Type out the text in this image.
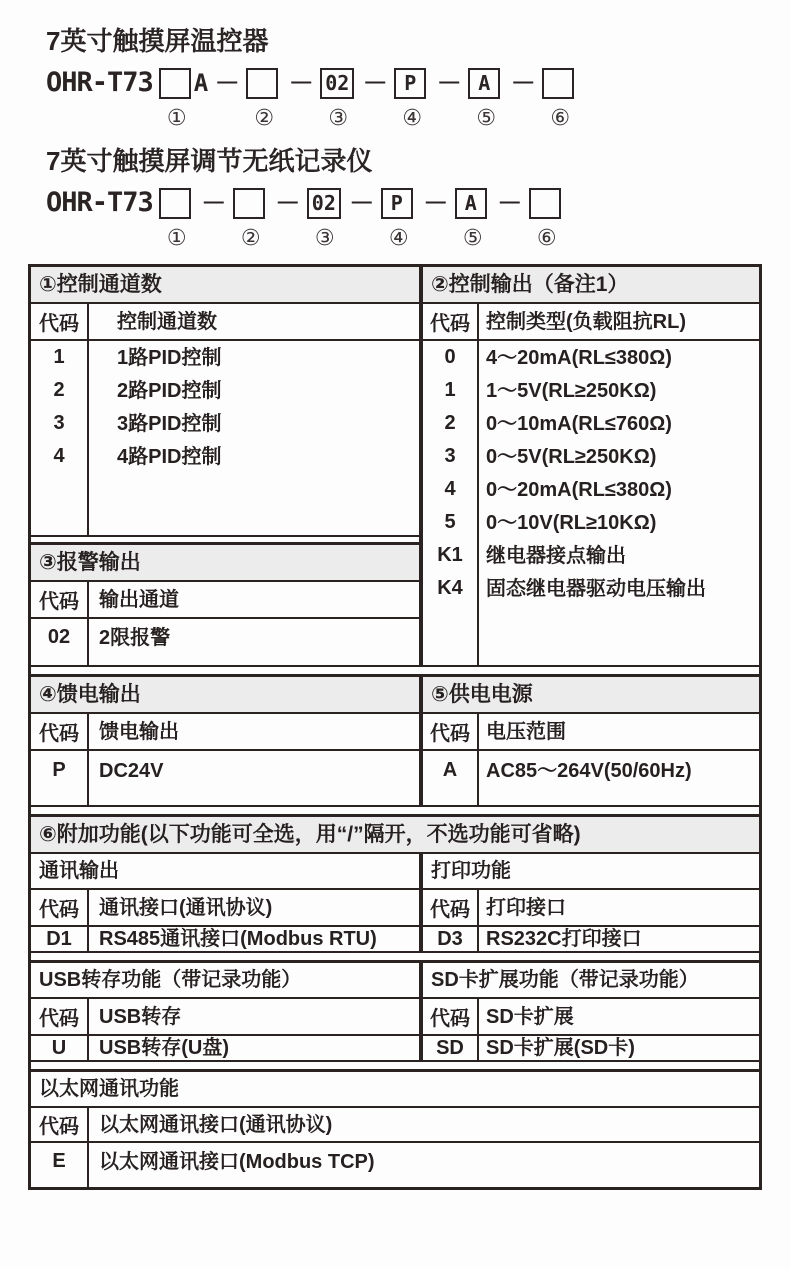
7英寸触摸屏温控器
OHR-T73 A
①
—
②
— 02
③
— P
④
— A
⑤
—
⑥
7英寸触摸屏调节无纸记录仪
OHR-T73
①
—
②
— 02
③
— P
④
— A
⑤
—
⑥
①控制通道数
代码	控制通道数
1	1路PID控制
2	2路PID控制
3	3路PID控制
4	4路PID控制
③报警输出
代码	输出通道
02	2限报警
②控制输出（备注1）
代码 控制类型(负载阻抗RL)
0	4～20mA(RL≤380Ω)
1	1～5V(RL≥250KΩ)
2	0～10mA(RL≤760Ω)
3	0～5V(RL≥250KΩ)
4	0～20mA(RL≤380Ω)
5	0～10V(RL≥10KΩ)
K1	继电器接点输出
K4	固态继电器驱动电压输出
④馈电输出
代码	馈电输出
P	DC24V
⑤供电电源
代码 电压范围
A	AC85～264V(50/60Hz)
⑥附加功能(以下功能可全选，用“/”隔开，不选功能可省略)
通讯输出
代码	通讯接口(通讯协议)
D1	RS485通讯接口(Modbus RTU)
打印功能
代码 打印接口
D3	RS232C打印接口
USB转存功能（带记录功能）
代码	USB转存
U	USB转存(U盘)
SD卡扩展功能（带记录功能）
代码 SD卡扩展
SD	SD卡扩展(SD卡)
以太网通讯功能
代码	以太网通讯接口(通讯协议)
E	以太网通讯接口(Modbus TCP)
